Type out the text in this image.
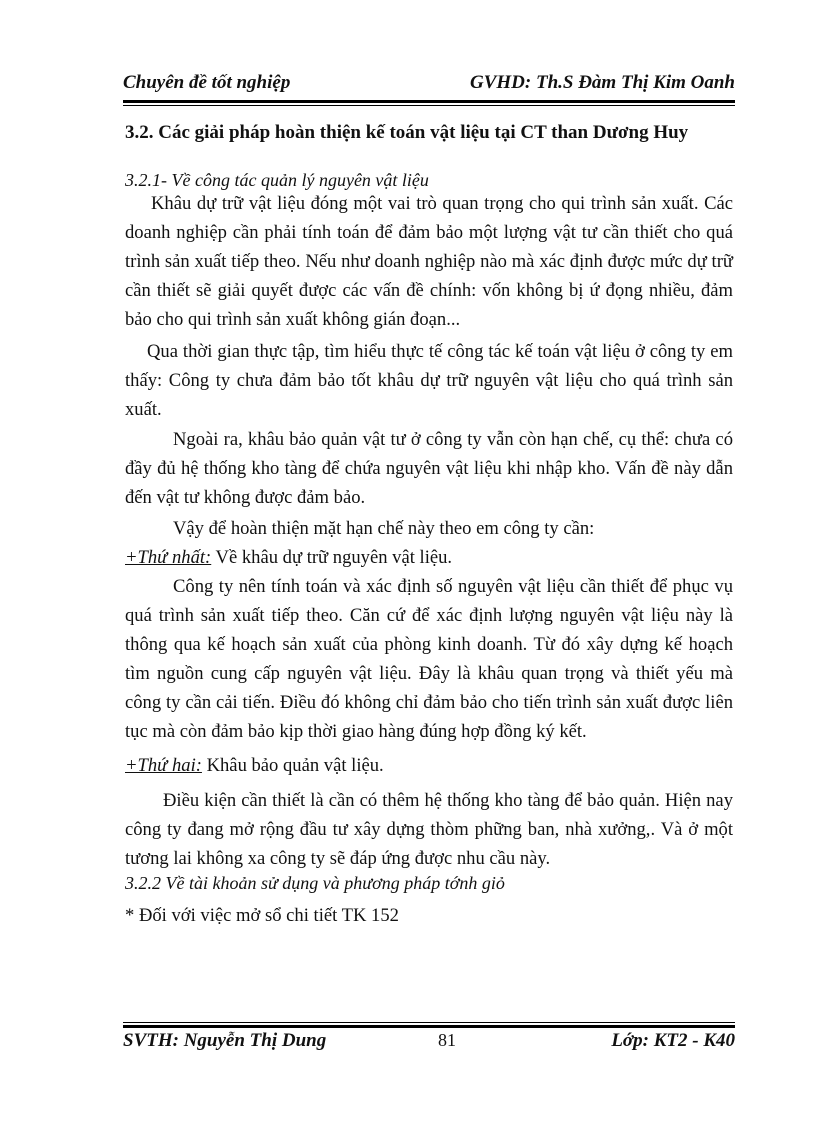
Chuyên đề tốt nghiệp	GVHD: Th.S Đàm Thị Kim Oanh
3.2. Các giải pháp hoàn thiện kế toán vật liệu tại CT than Dương Huy
3.2.1- Về công tác quản lý nguyên vật liệu

Khâu dự trữ vật liệu đóng một vai trò quan trọng cho qui trình sản xuất. Các doanh nghiệp cần phải tính toán để đảm bảo một lượng vật tư cần thiết cho quá trình sản xuất tiếp theo. Nếu như doanh nghiệp nào mà xác định được mức dự trữ cần thiết sẽ giải quyết được các vấn đề chính: vốn không bị ứ đọng nhiều, đảm bảo cho qui trình sản xuất không gián đoạn...

Qua thời gian thực tập, tìm hiểu thực tế công tác kế toán vật liệu ở công ty em thấy: Công ty chưa đảm bảo tốt khâu dự trữ nguyên vật liệu cho quá trình sản xuất.

Ngoài ra, khâu bảo quản vật tư ở công ty vẫn còn hạn chế, cụ thể: chưa có đầy đủ hệ thống kho tàng để chứa nguyên vật liệu khi nhập kho. Vấn đề này dẫn đến vật tư không được đảm bảo.

Vậy để hoàn thiện mặt hạn chế này theo em công ty cần:

+Thứ nhất: Về khâu dự trữ nguyên vật liệu.

Công ty nên tính toán và xác định số nguyên vật liệu cần thiết để phục vụ quá trình sản xuất tiếp theo. Căn cứ để xác định lượng nguyên vật liệu này là thông qua kế hoạch sản xuất của phòng kinh doanh. Từ đó xây dựng kế hoạch tìm nguồn cung cấp nguyên vật liệu. Đây là khâu quan trọng và thiết yếu mà công ty cần cải tiến. Điều đó không chỉ đảm bảo cho tiến trình sản xuất được liên tục mà còn đảm bảo kịp thời giao hàng đúng hợp đồng ký kết.

+Thứ hai: Khâu bảo quản vật liệu.

Điều kiện cần thiết là cần có thêm hệ thống kho tàng để bảo quản. Hiện nay công ty đang mở rộng đầu tư xây dựng thòm phững ban, nhà xưởng,. Và ở một tương lai không xa công ty sẽ đáp ứng được nhu cầu này.

3.2.2 Về tài khoản sử dụng và phương pháp tớnh giỏ

* Đối với việc mở sổ chi tiết TK 152

SVTH: Nguyễn Thị Dung	81	Lớp: KT2 - K40
